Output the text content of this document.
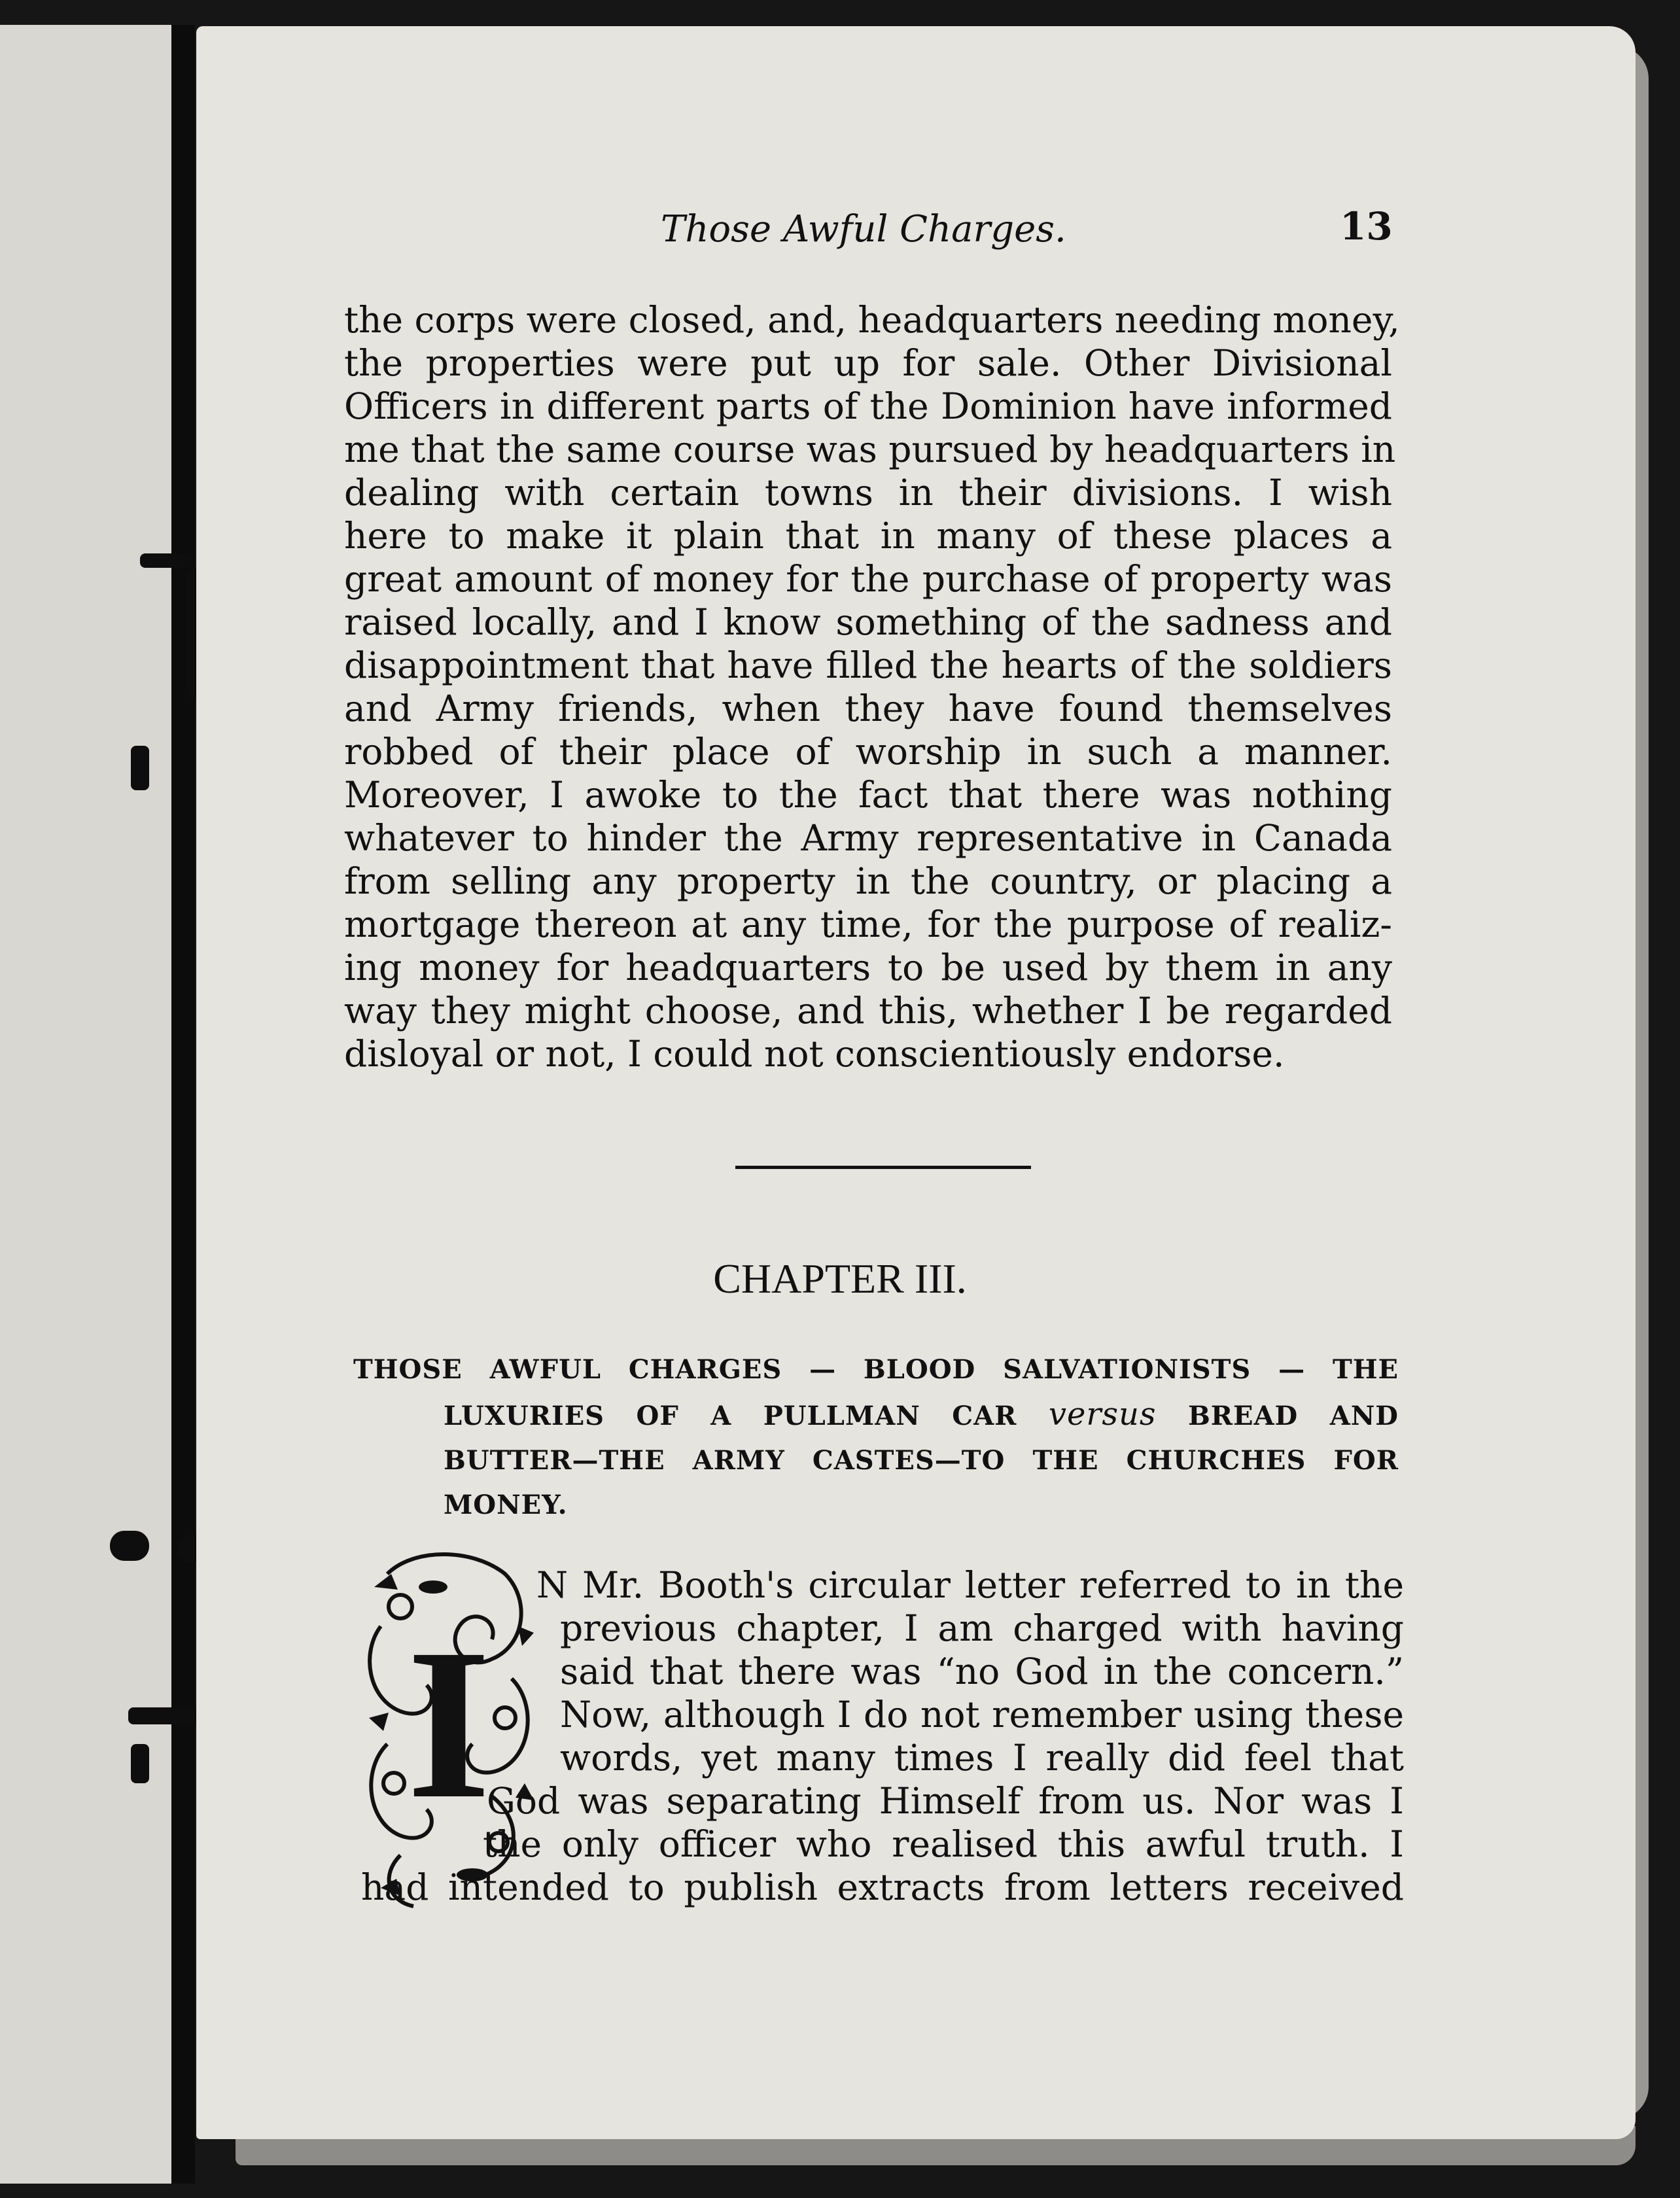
Those Awful Charges.	13
the corps were closed, and, headquarters needing money,
the properties were put up for sale. Other Divisional
Officers in different parts of the Dominion have informed
me that the same course was pursued by headquarters in
dealing with certain towns in their divisions. I wish
here to make it plain that in many of these places a
great amount of money for the purchase of property was
raised locally, and I know something of the sadness and
disappointment that have filled the hearts of the soldiers
and Army friends, when they have found themselves
robbed of their place of worship in such a manner.
Moreover, I awoke to the fact that there was nothing
whatever to hinder the Army representative in Canada
from selling any property in the country, or placing a
mortgage thereon at any time, for the purpose of realiz-
ing money for headquarters to be used by them in any
way they might choose, and this, whether I be regarded
disloyal or not, I could not conscientiously endorse.
CHAPTER III.
THOSE AWFUL CHARGES — BLOOD SALVATIONISTS — THE
LUXURIES OF A PULLMAN CAR versus BREAD AND
BUTTER—THE ARMY CASTES—TO THE CHURCHES FOR
MONEY.
I
N Mr. Booth's circular letter referred to in the
previous chapter, I am charged with having
said that there was “no God in the concern.”
Now, although I do not remember using these
words, yet many times I really did feel that
God was separating Himself from us. Nor was I
the only officer who realised this awful truth. I
had intended to publish extracts from letters received
